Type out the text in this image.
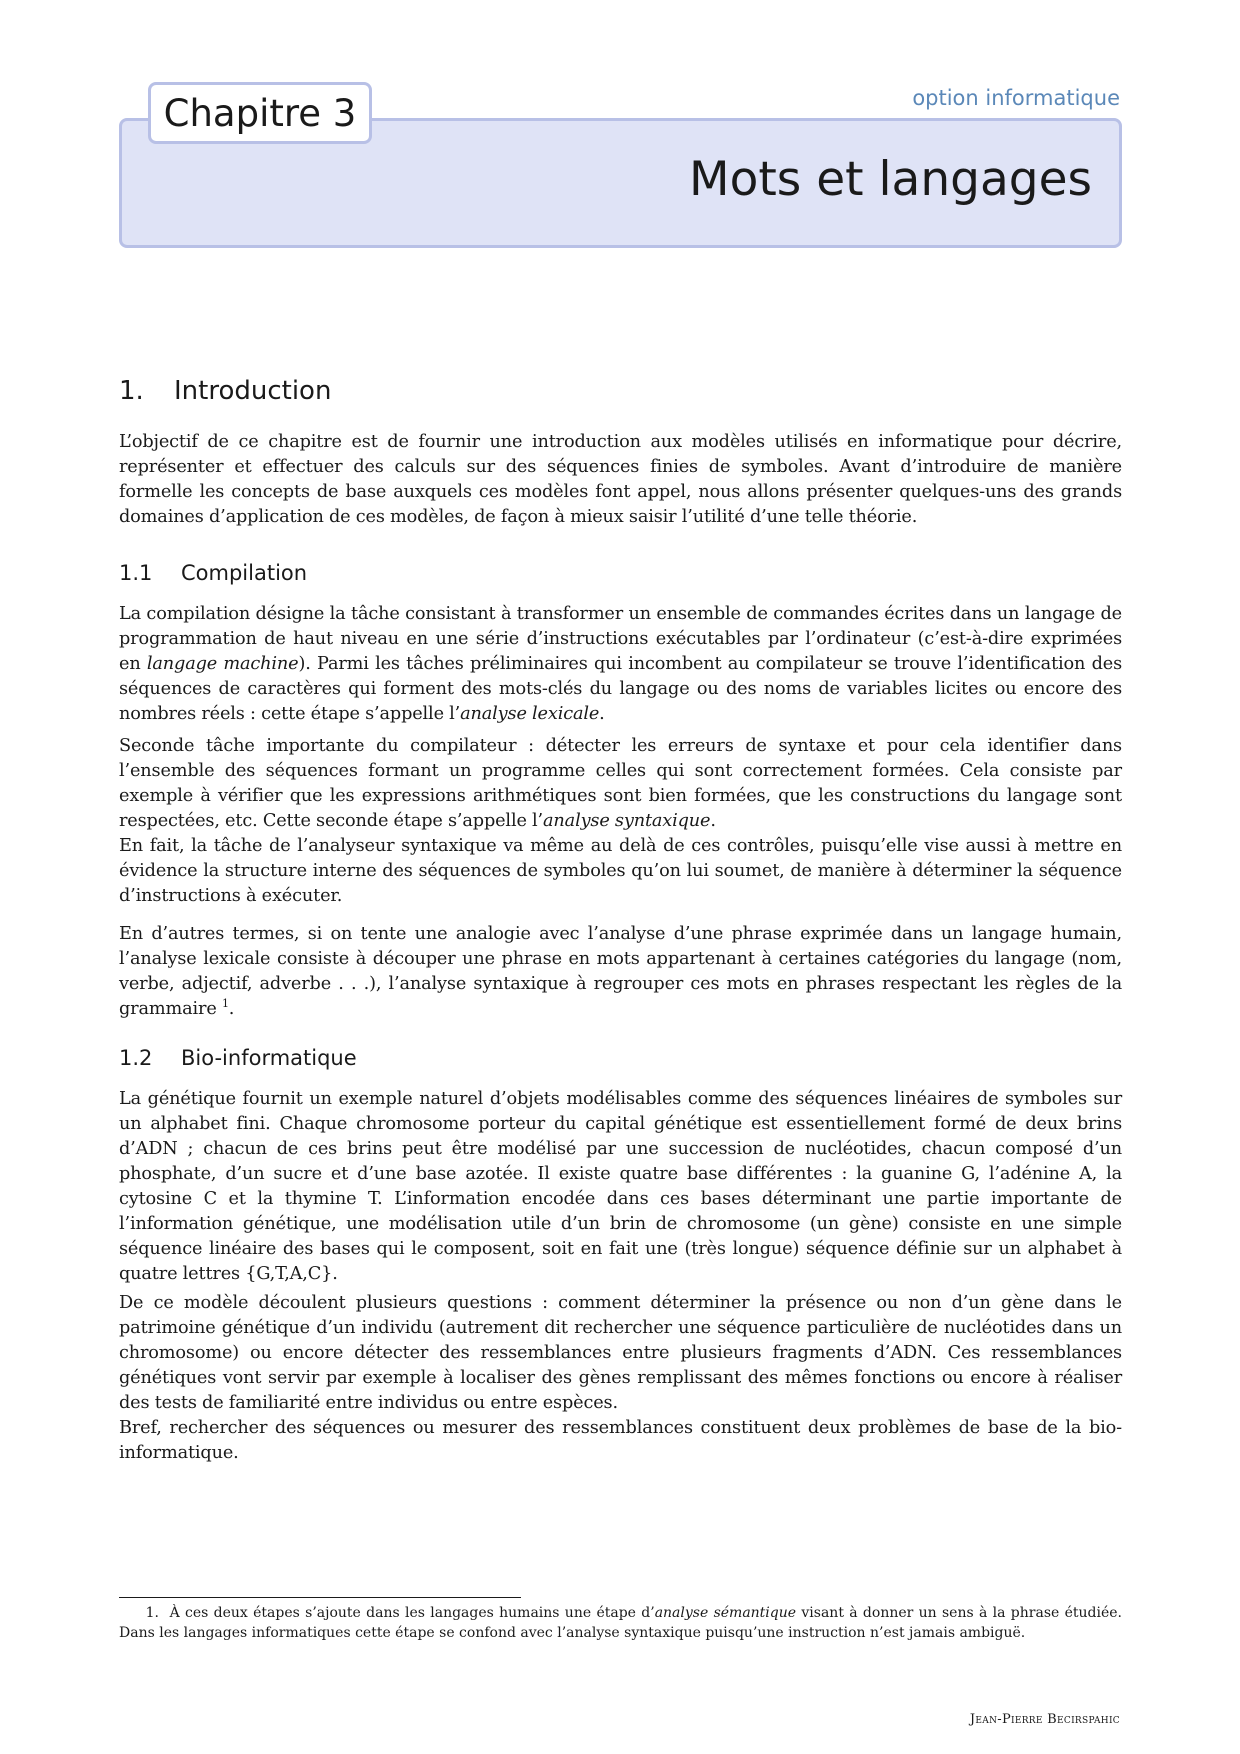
Chapitre 3	option informatique
Mots et langages
1. Introduction

L’objectif de ce chapitre est de fournir une introduction aux modèles utilisés en informatique pour décrire, représenter et effectuer des calculs sur des séquences finies de symboles. Avant d’introduire de manière formelle les concepts de base auxquels ces modèles font appel, nous allons présenter quelques-uns des grands domaines d’application de ces modèles, de façon à mieux saisir l’utilité d’une telle théorie.

1.1 Compilation

La compilation désigne la tâche consistant à transformer un ensemble de commandes écrites dans un langage de programmation de haut niveau en une série d’instructions exécutables par l’ordinateur (c’est-à-dire exprimées en langage machine). Parmi les tâches préliminaires qui incombent au compilateur se trouve l’identification des séquences de caractères qui forment des mots-clés du langage ou des noms de variables licites ou encore des nombres réels : cette étape s’appelle l’analyse lexicale.

Seconde tâche importante du compilateur : détecter les erreurs de syntaxe et pour cela identifier dans l’ensemble des séquences formant un programme celles qui sont correctement formées. Cela consiste par exemple à vérifier que les expressions arithmétiques sont bien formées, que les constructions du langage sont respectées, etc. Cette seconde étape s’appelle l’analyse syntaxique.

En fait, la tâche de l’analyseur syntaxique va même au delà de ces contrôles, puisqu’elle vise aussi à mettre en évidence la structure interne des séquences de symboles qu’on lui soumet, de manière à déterminer la séquence d’instructions à exécuter.

En d’autres termes, si on tente une analogie avec l’analyse d’une phrase exprimée dans un langage humain, l’analyse lexicale consiste à découper une phrase en mots appartenant à certaines catégories du langage (nom, verbe, adjectif, adverbe . . .), l’analyse syntaxique à regrouper ces mots en phrases respectant les règles de la grammaire $^1$.

1.2 Bio-informatique

La génétique fournit un exemple naturel d’objets modélisables comme des séquences linéaires de symboles sur un alphabet fini. Chaque chromosome porteur du capital génétique est essentiellement formé de deux brins d’ADN ; chacun de ces brins peut être modélisé par une succession de nucléotides, chacun composé d’un phosphate, d’un sucre et d’une base azotée. Il existe quatre base différentes : la guanine G, l’adénine A, la cytosine C et la thymine T. L’information encodée dans ces bases déterminant une partie importante de l’information génétique, une modélisation utile d’un brin de chromosome (un gène) consiste en une simple séquence linéaire des bases qui le composent, soit en fait une (très longue) séquence définie sur un alphabet à quatre lettres {G,T,A,C}.

De ce modèle découlent plusieurs questions : comment déterminer la présence ou non d’un gène dans le patrimoine génétique d’un individu (autrement dit rechercher une séquence particulière de nucléotides dans un chromosome) ou encore détecter des ressemblances entre plusieurs fragments d’ADN. Ces ressemblances génétiques vont servir par exemple à localiser des gènes remplissant des mêmes fonctions ou encore à réaliser des tests de familiarité entre individus ou entre espèces.

Bref, rechercher des séquences ou mesurer des ressemblances constituent deux problèmes de base de la bio-informatique.

1. À ces deux étapes s’ajoute dans les langages humains une étape d’analyse sémantique visant à donner un sens à la phrase étudiée. Dans les langages informatiques cette étape se confond avec l’analyse syntaxique puisqu’une instruction n’est jamais ambiguë.

Jean-Pierre Becirspahic
